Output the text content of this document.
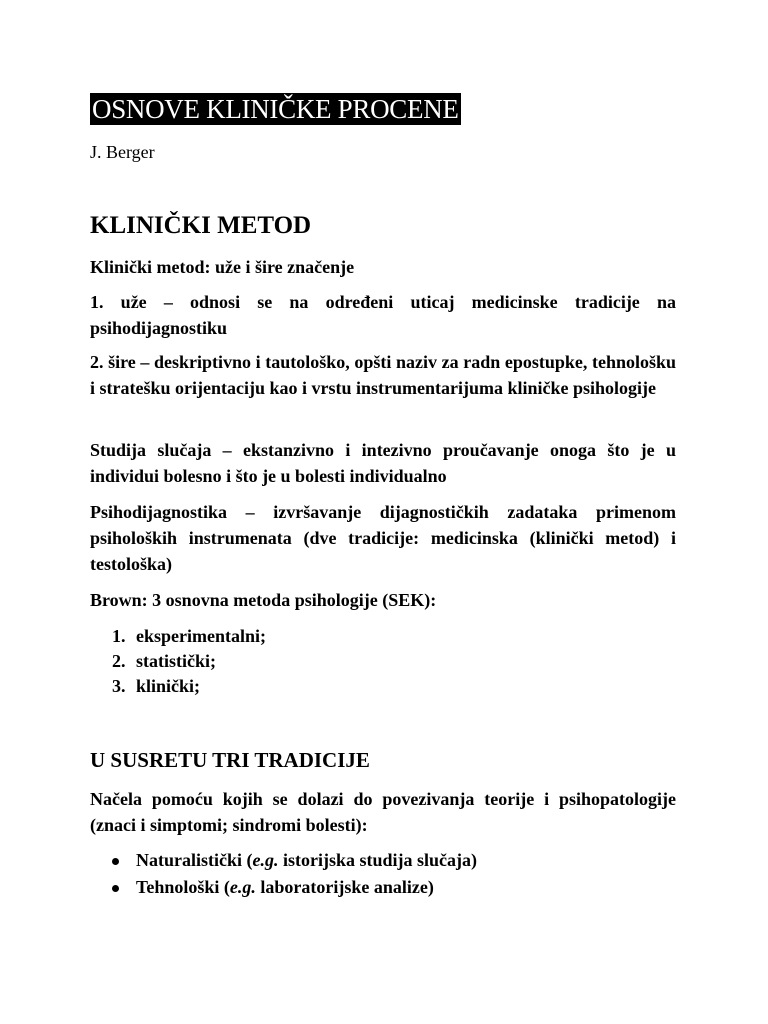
OSNOVE KLINIČKE PROCENE
J. Berger
KLINIČKI METOD

Klinički metod: uže i šire značenje

1. uže – odnosi se na određeni uticaj medicinske tradicije na psihodijagnostiku

2. šire – deskriptivno i tautološko, opšti naziv za radn epostupke, tehnološku i stratešku orijentaciju kao i vrstu instrumentarijuma kliničke psihologije

Studija slučaja – ekstanzivno i intezivno proučavanje onoga što je u individui bolesno i što je u bolesti individualno

Psihodijagnostika – izvršavanje dijagnostičkih zadataka primenom psiholoških instrumenata (dve tradicije: medicinska (klinički metod) i testološka)

Brown: 3 osnovna metoda psihologije (SEK):

1. eksperimentalni;
2. statistički;
3. klinički;
U SUSRETU TRI TRADICIJE

Načela pomoću kojih se dolazi do povezivanja teorije i psihopatologije (znaci i simptomi; sindromi bolesti):

Naturalistički (e.g. istorijska studija slučaja)
Tehnološki (e.g. laboratorijske analize)
